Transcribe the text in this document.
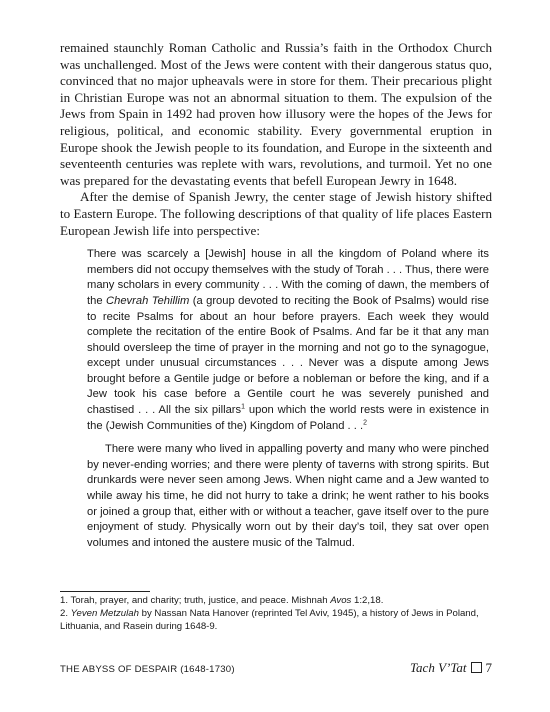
remained staunchly Roman Catholic and Russia’s faith in the Orthodox Church was unchallenged. Most of the Jews were content with their dangerous status quo, convinced that no major upheavals were in store for them. Their precarious plight in Christian Europe was not an abnormal situation to them. The expulsion of the Jews from Spain in 1492 had proven how illusory were the hopes of the Jews for religious, political, and economic stability. Every governmental eruption in Europe shook the Jewish people to its foundation, and Europe in the sixteenth and seventeenth centuries was replete with wars, revolutions, and turmoil. Yet no one was prepared for the devastating events that befell European Jewry in 1648.

After the demise of Spanish Jewry, the center stage of Jewish history shifted to Eastern Europe. The following descriptions of that quality of life places Eastern European Jewish life into perspective:

There was scarcely a [Jewish] house in all the kingdom of Poland where its members did not occupy themselves with the study of Torah . . . Thus, there were many scholars in every community . . . With the coming of dawn, the members of the Chevrah Tehillim (a group devoted to reciting the Book of Psalms) would rise to recite Psalms for about an hour before prayers. Each week they would complete the recitation of the entire Book of Psalms. And far be it that any man should oversleep the time of prayer in the morning and not go to the synagogue, except under unusual circumstances . . . Never was a dispute among Jews brought before a Gentile judge or before a nobleman or before the king, and if a Jew took his case before a Gentile court he was severely punished and chastised . . . All the six pillars$^1$ upon which the world rests were in existence in the (Jewish Communities of the) Kingdom of Poland . . .$^2$

There were many who lived in appalling poverty and many who were pinched by never-ending worries; and there were plenty of taverns with strong spirits. But drunkards were never seen among Jews. When night came and a Jew wanted to while away his time, he did not hurry to take a drink; he went rather to his books or joined a group that, either with or without a teacher, gave itself over to the pure enjoyment of study. Physically worn out by their day’s toil, they sat over open volumes and intoned the austere music of the Talmud.

1. Torah, prayer, and charity; truth, justice, and peace. Mishnah Avos 1:2,18.

2. Yeven Metzulah by Nassan Nata Hanover (reprinted Tel Aviv, 1945), a history of Jews in Poland, Lithuania, and Rasein during 1648-9.

THE ABYSS OF DESPAIR (1648-1730)	Tach V’Tat 7
